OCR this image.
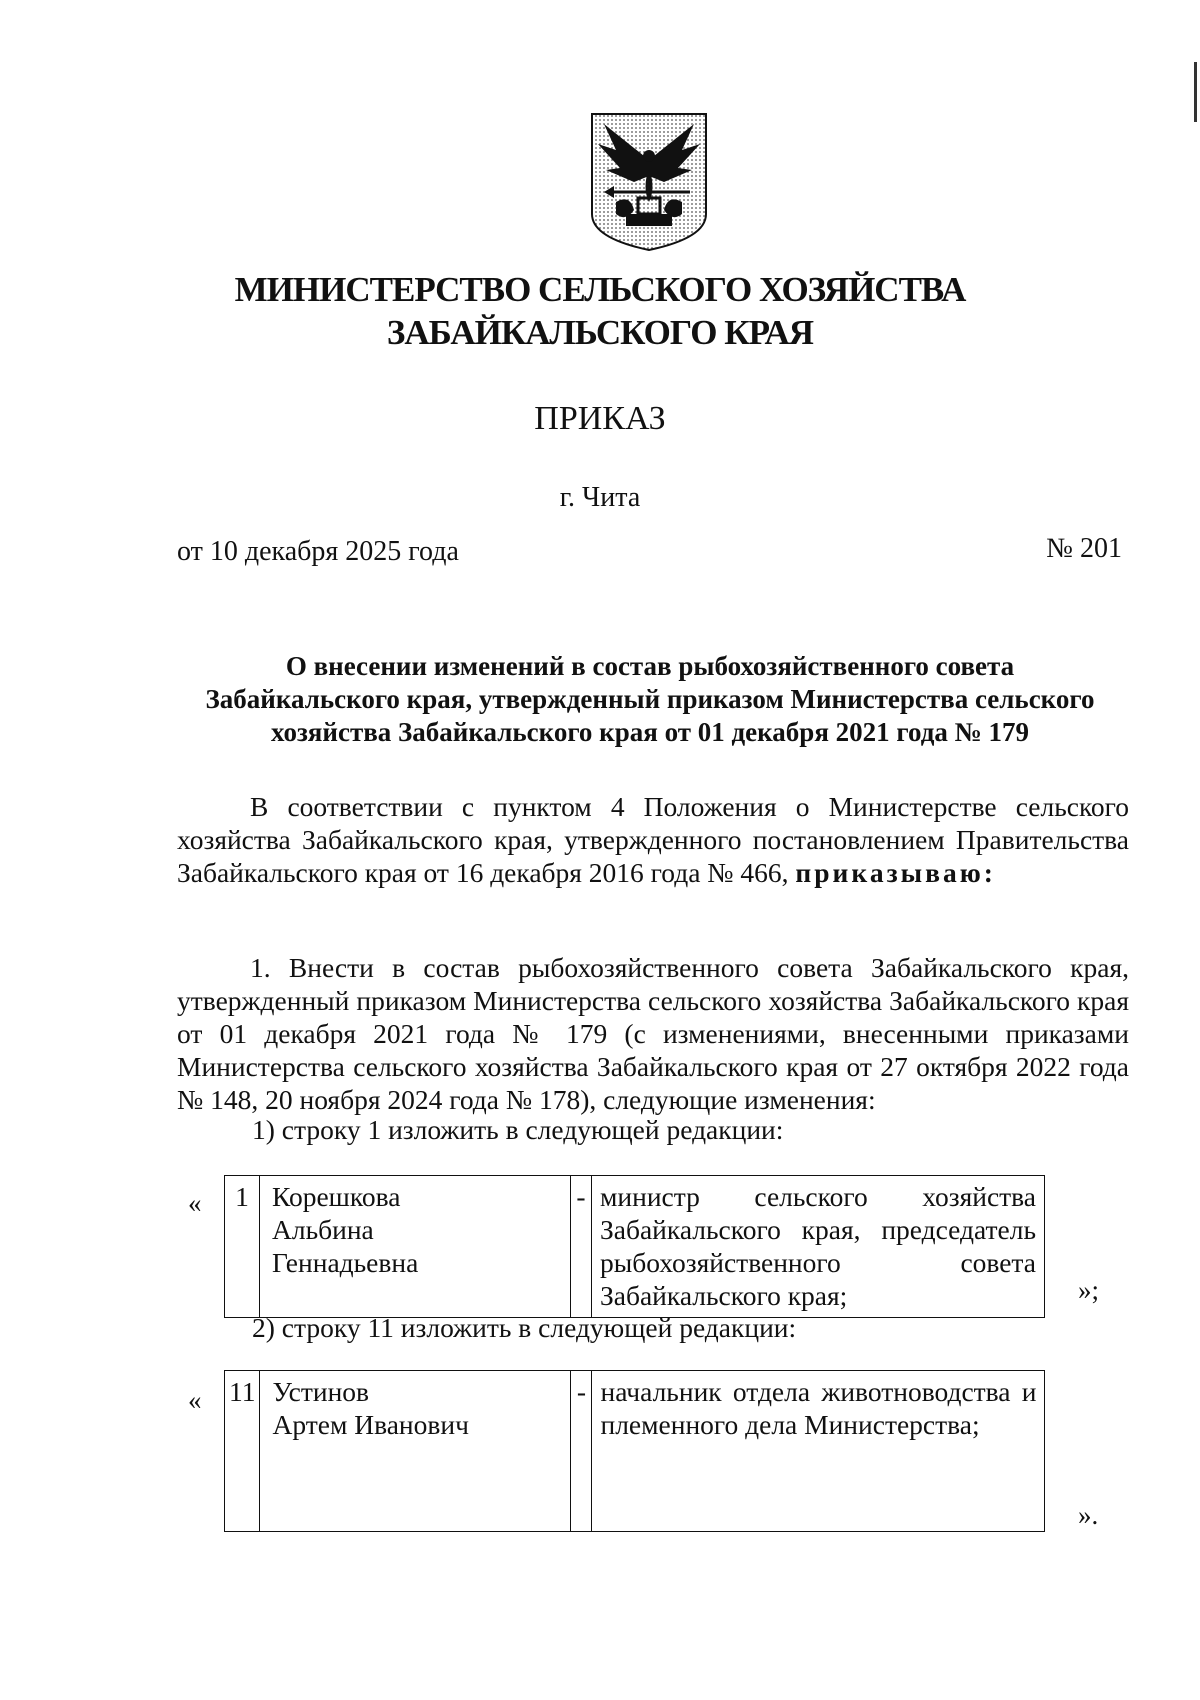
МИНИСТЕРСТВО СЕЛЬСКОГО ХОЗЯЙСТВА
ЗАБАЙКАЛЬСКОГО КРАЯ
ПРИКАЗ
г. Чита
от 10 декабря 2025 года	№ 201
О внесении изменений в состав рыбохозяйственного совета
Забайкальского края, утвержденный приказом Министерства сельского
хозяйства Забайкальского края от 01 декабря 2021 года № 179
В соответствии с пунктом 4 Положения о Министерстве сельского хозяйства Забайкальского края, утвержденного постановлением Правительства Забайкальского края от 16 декабря 2016 года № 466, приказываю:
1. Внести в состав рыбохозяйственного совета Забайкальского края, утвержденный приказом Министерства сельского хозяйства Забайкальского края от 01 декабря 2021 года № 179 (с изменениями, внесенными приказами Министерства сельского хозяйства Забайкальского края от 27 октября 2022 года № 148, 20 ноября 2024 года № 178), следующие изменения:
1) строку 1 изложить в следующей редакции:
« 1	Корешкова
Альбина
Геннадьевна	-	министр сельского хозяйства Забайкальского края, председатель рыбохозяйственного совета Забайкальского края;	»;
2) строку 11 изложить в следующей редакции:
« 11	Устинов
Артем Иванович	-	начальник отдела животноводства и племенного дела Министерства;
».
